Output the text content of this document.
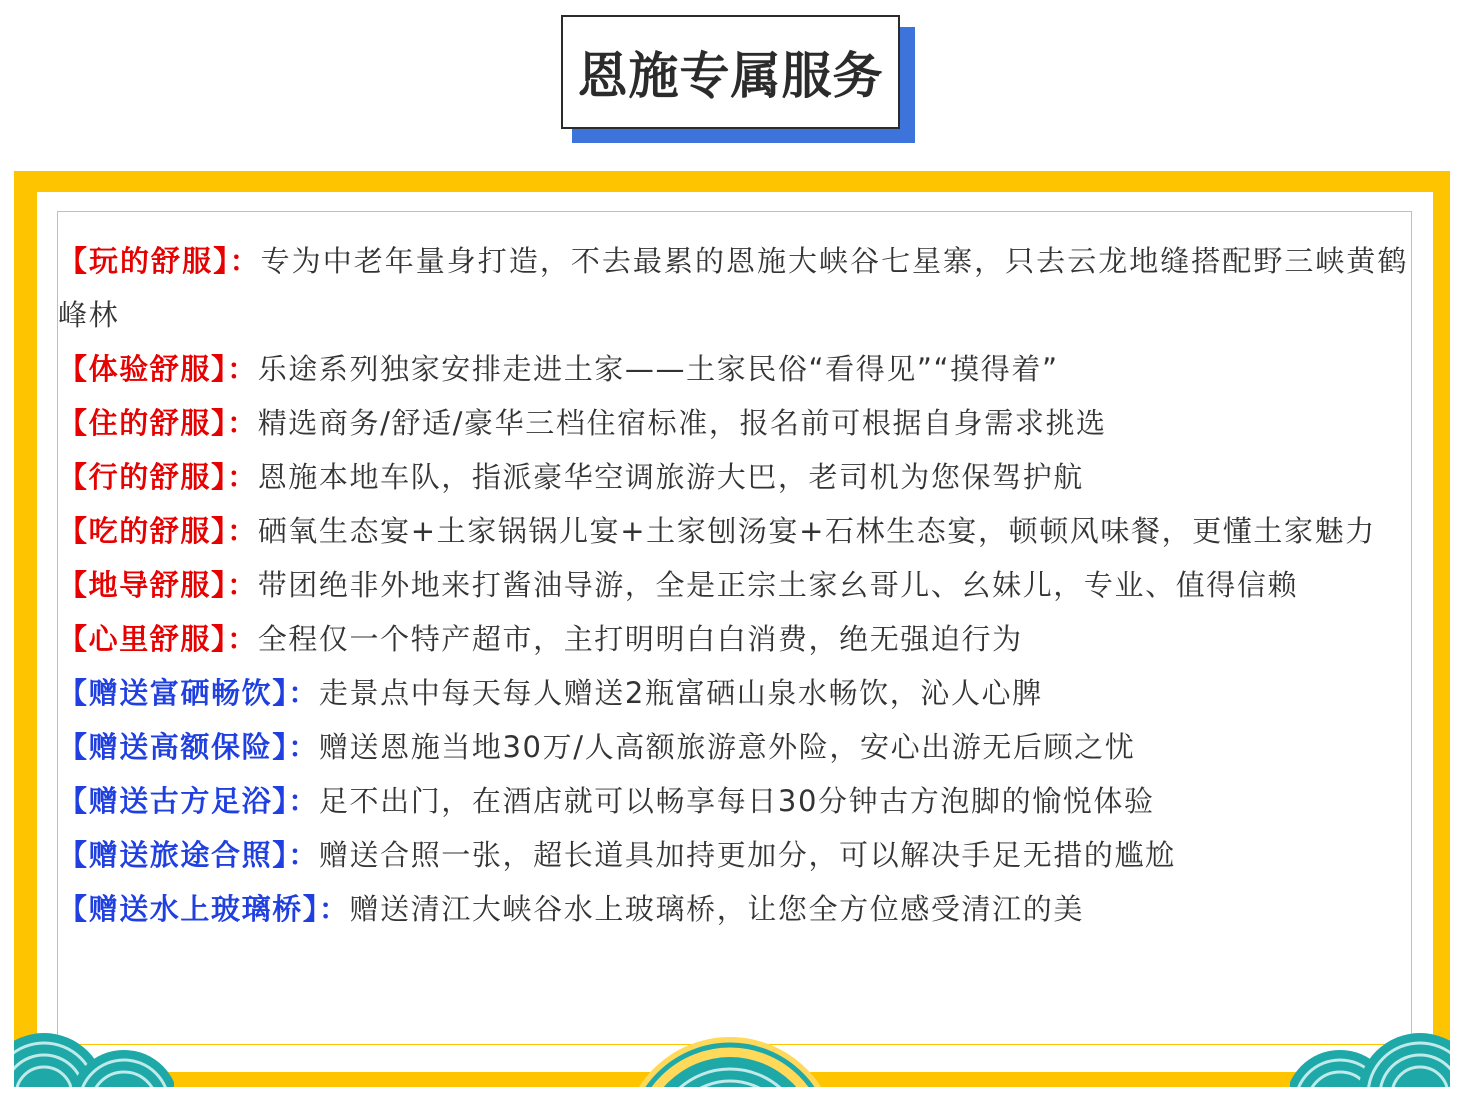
恩施专属服务
【玩的舒服】：专为中老年量身打造，不去最累的恩施大峡谷七星寨，只去云龙地缝搭配野三峡黄鹤峰林
【体验舒服】：乐途系列独家安排走进土家——土家民俗“看得见”“摸得着”
【住的舒服】：精选商务/舒适/豪华三档住宿标准，报名前可根据自身需求挑选
【行的舒服】：恩施本地车队，指派豪华空调旅游大巴，老司机为您保驾护航
【吃的舒服】：硒氧生态宴+土家锅锅儿宴+土家刨汤宴+石林生态宴，顿顿风味餐，更懂土家魅力
【地导舒服】：带团绝非外地来打酱油导游，全是正宗土家幺哥儿、幺妹儿，专业、值得信赖
【心里舒服】：全程仅一个特产超市，主打明明白白消费，绝无强迫行为
【赠送富硒畅饮】：走景点中每天每人赠送2瓶富硒山泉水畅饮，沁人心脾
【赠送高额保险】：赠送恩施当地30万/人高额旅游意外险，安心出游无后顾之忧
【赠送古方足浴】：足不出门，在酒店就可以畅享每日30分钟古方泡脚的愉悦体验
【赠送旅途合照】：赠送合照一张，超长道具加持更加分，可以解决手足无措的尴尬
【赠送水上玻璃桥】：赠送清江大峡谷水上玻璃桥，让您全方位感受清江的美
